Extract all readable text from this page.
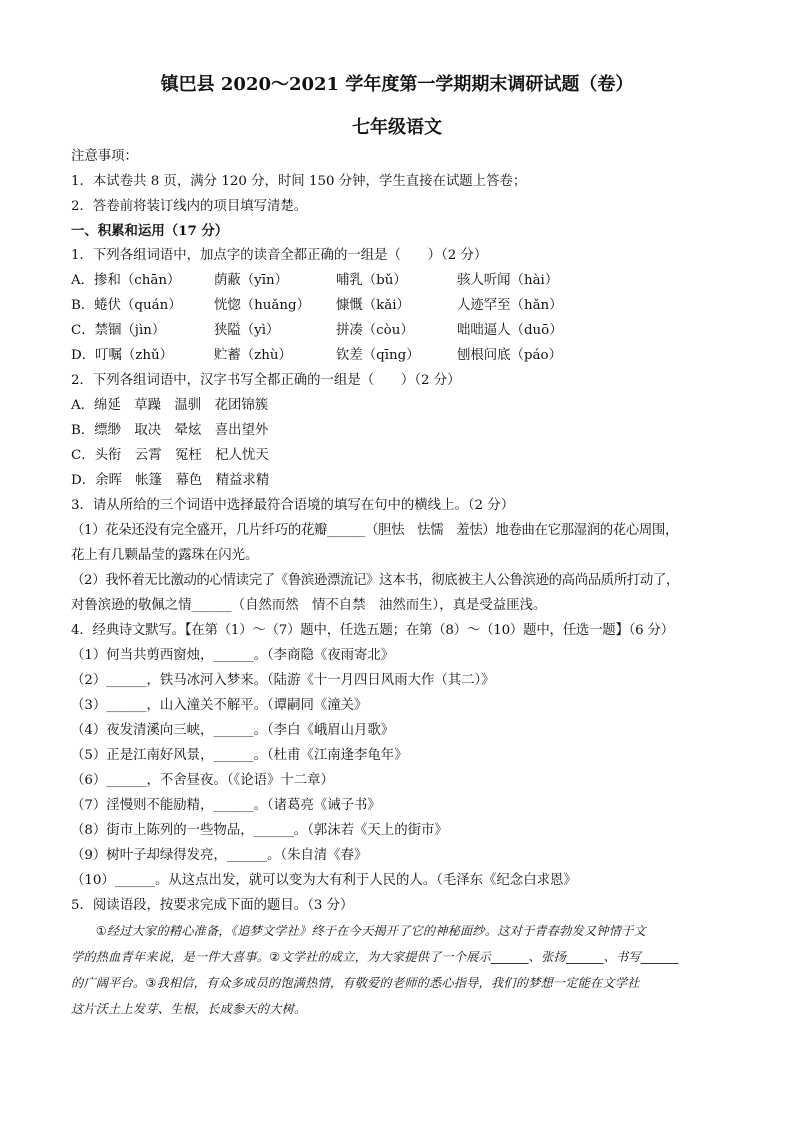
镇巴县 2020～2021 学年度第一学期期末调研试题（卷）
七年级语文
注意事项：
1．本试卷共 8 页，满分 120 分，时间 150 分钟，学生直接在试题上答卷；
2．答卷前将装订线内的项目填写清楚。
一、积累和运用（17 分）
1．下列各组词语中，加点字的读音全都正确的一组是（　　）（2 分）
A．掺和（chān）	荫蔽（yīn）	哺乳（bǔ）	骇人听闻（hài）
B．蜷伏（quán） 恍惚（huǎng） 慷慨（kǎi）	人迹罕至（hǎn）
C．禁锢（jìn）	狭隘（yì）	拼凑（còu）	咄咄逼人（duō）
D．叮嘱（zhǔ）	贮蓄（zhù）	钦差（qīng）	刨根问底（páo）
2．下列各组词语中，汉字书写全都正确的一组是（　　）（2 分）
A．绵延　草躁　温驯　花团锦簇
B．缥缈　取决　晕炫　喜出望外
C．头衔　云霄　冤枉　杞人忧天
D．余晖　帐篷　幕色　精益求精
3．请从所给的三个词语中选择最符合语境的填写在句中的横线上。（2 分）
（1）花朵还没有完全盛开，几片纤巧的花瓣______（胆怯　怯懦　羞怯）地卷曲在它那湿润的花心周围，
花上有几颗晶莹的露珠在闪光。
（2）我怀着无比激动的心情读完了《鲁滨逊漂流记》这本书，彻底被主人公鲁滨逊的高尚品质所打动了，
对鲁滨逊的敬佩之情______（自然而然　情不自禁　油然而生），真是受益匪浅。
4．经典诗文默写。【在第（1）～（7）题中，任选五题；在第（8）～（10）题中，任选一题】（6 分）
（1）何当共剪西窗烛，______。（李商隐《夜雨寄北》
（2）______，铁马冰河入梦来。（陆游《十一月四日风雨大作（其二）》
（3）______，山入潼关不解平。（谭嗣同《潼关》
（4）夜发清溪向三峡，______。（李白《峨眉山月歌》
（5）正是江南好风景，______。（杜甫《江南逢李龟年》
（6）______，不舍昼夜。（《论语》十二章）
（7）淫慢则不能励精，______。（诸葛亮《诫子书》
（8）街市上陈列的一些物品，______。（郭沫若《天上的街市》
（9）树叶子却绿得发亮，______。（朱自清《春》
（10）______。从这点出发，就可以变为大有利于人民的人。（毛泽东《纪念白求恩》
5．阅读语段，按要求完成下面的题目。（3 分）
　　①经过大家的精心准备，《追梦文学社》终于在今天揭开了它的神秘面纱。这对于青春勃发又钟情于文
学的热血青年来说，是一件大喜事。②文学社的成立，为大家提供了一个展示______、张扬______、书写______
的广阔平台。③我相信，有众多成员的饱满热情，有敬爱的老师的悉心指导，我们的梦想一定能在文学社
这片沃土上发芽、生根，长成参天的大树。
